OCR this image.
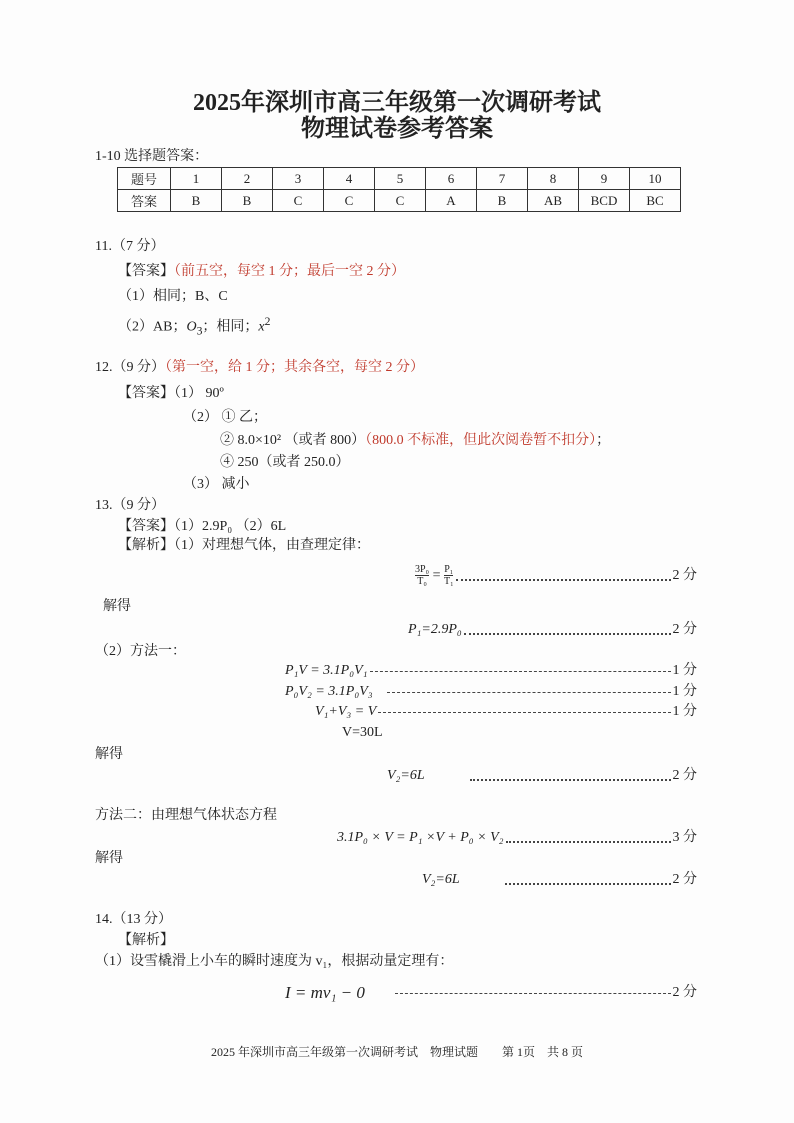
2025年深圳市高三年级第一次调研考试
物理试卷参考答案
1-10 选择题答案：
题号	1	2	3	4	5	6	7	8	9	10
答案	B	B	C	C	C	A	B	AB	BCD	BC
11.（7 分）
【答案】（前五空，每空 1 分；最后一空 2 分）
（1）相同；B、C
（2）AB；$O_3$；相同；$x^2$
12.（9 分）（第一空，给 1 分；其余各空，每空 2 分）
【答案】（1） 90º
（2） ① 乙；
② 8.0×10² （或者 800）（800.0 不标准，但此次阅卷暂不扣分）；
④ 250（或者 250.0）
（3） 减小
13.（9 分）
【答案】（1）2.9P₀ （2）6L
【解析】（1）对理想气体，由查理定律：
$\frac{\text{3P₀}}{\text{T₀}} = \frac{\text{P₁}}{\text{T₁}}$	2 分
解得
P₁=2.9P₀	2 分
（2）方法一：
P₁V = 3.1P₀V₁	1 分
P₀V₂ = 3.1P₀V₃	1 分
V₁+V₃ = V	1 分
V=30L
解得
V₂=6L	2 分
方法二：由理想气体状态方程
3.1P₀ × V = P₁ ×V + P₀ × V₂	3 分
解得
V₂=6L	2 分
14.（13 分）
【解析】
（1）设雪橇滑上小车的瞬时速度为 v₁，根据动量定理有：
I = mv₁ − 0	2 分
2025 年深圳市高三年级第一次调研考试　物理试题　　第 1页　共 8 页
